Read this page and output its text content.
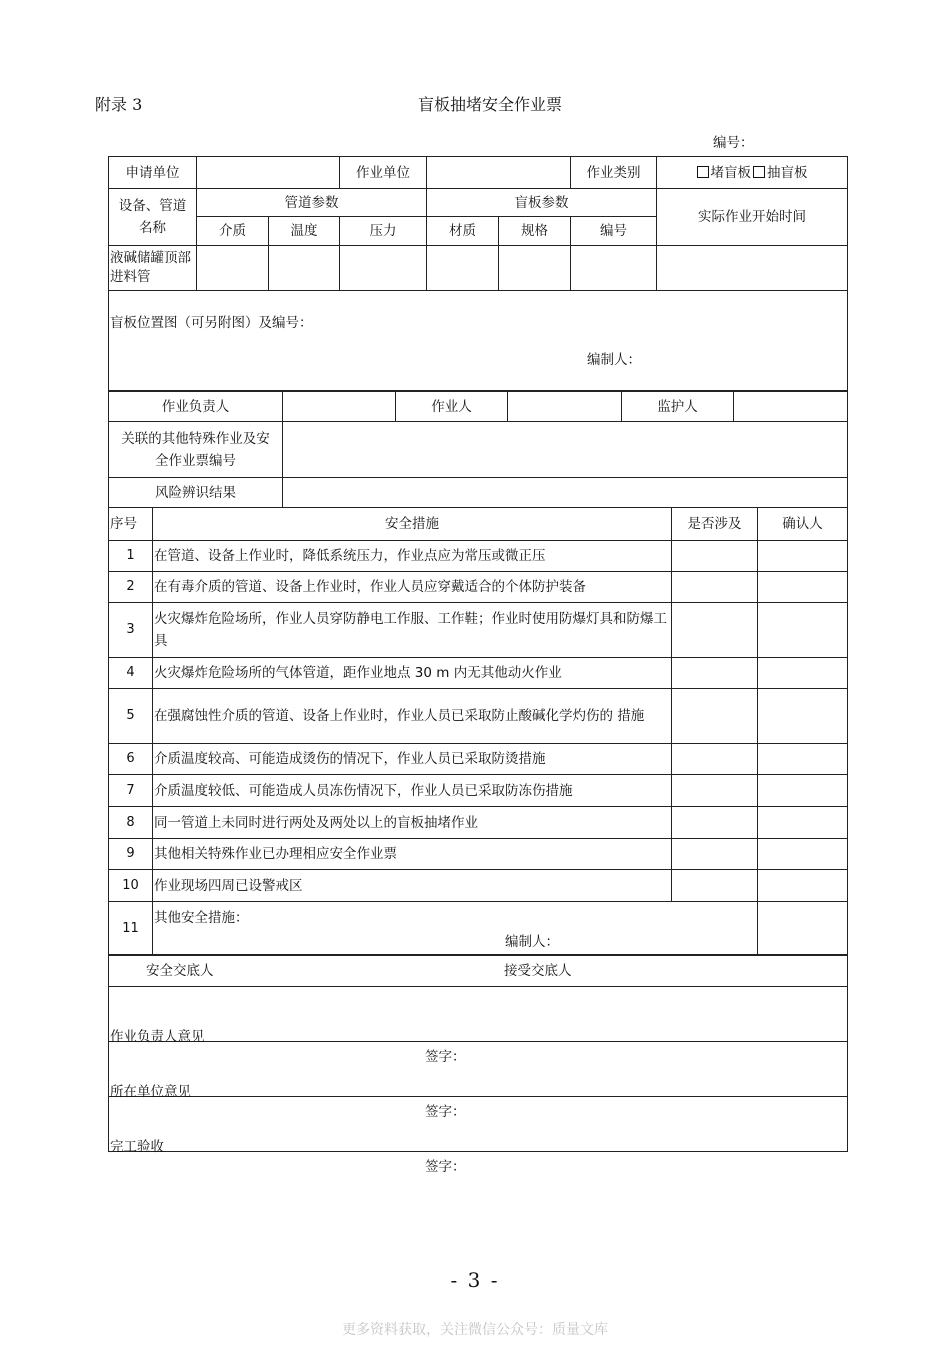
附录 3	盲板抽堵安全作业票
编号：
申请单位			作业单位			作业类别	堵盲板 抽盲板

设备、管道
名称	管道参数			盲板参数			实际作业开始时间
	介质	温度	压力	材质	规格	编号	
液碱储罐顶部进料管							

盲板位置图（可另附图）及编号：
编制人：							
作业负责人		作业人		监护人	

关联的其他特殊作业及安
全作业票编号					

风险辨识结果					
序号	安全措施	是否涉及	确认人
1	在管道、设备上作业时，降低系统压力，作业点应为常压或微正压		
2	在有毒介质的管道、设备上作业时，作业人员应穿戴适合的个体防护装备		
3	火灾爆炸危险场所，作业人员穿防静电工作服、工作鞋；作业时使用防爆灯具和防爆工具		
4	火灾爆炸危险场所的气体管道，距作业地点 30 m 内无其他动火作业		
5	在强腐蚀性介质的管道、设备上作业时，作业人员已采取防止酸碱化学灼伤的 措施		
6	介质温度较高、可能造成烫伤的情况下，作业人员已采取防烫措施		
7	介质温度较低、可能造成人员冻伤情况下，作业人员已采取防冻伤措施		
8	同一管道上未同时进行两处及两处以上的盲板抽堵作业		
9	其他相关特殊作业已办理相应安全作业票		
10	作业现场四周已设警戒区		
11	其他安全措施：
编制人：		

安全交底人	接受交底人

作业负责人意见
签字：

所在单位意见
签字：

完工验收
签字：
- 3 -
更多资料获取，关注微信公众号：质量文库
